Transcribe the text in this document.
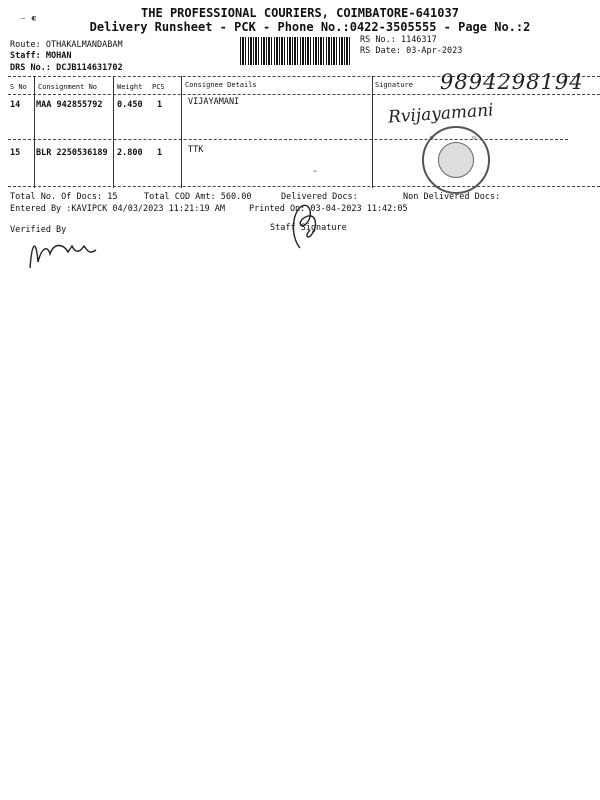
THE PROFESSIONAL COURIERS, COIMBATORE-641037
Delivery Runsheet - PCK - Phone No.:0422-3505555 - Page No.:2
⌣ ⁌
Route: OTHAKALMANDABAM
Staff: MOHAN
DRS No.: DCJB114631702
RS No.: 1146317
RS Date: 03-Apr-2023
S No Consignment No	Weight PCS	Consignee Details	Signature
14 MAA 942855792 0.450 1	VIJAYAMANI
15 BLR 2250536189 2.800 1	TTK
9894298194
Rvijayamani
-
o	o
Total No. Of Docs: 15	Total COD Amt: 560.00	Delivered Docs:	Non Delivered Docs:
Entered By :KAVIPCK 04/03/2023 11:21:19 AM	Printed On: 03-04-2023 11:42:05
Verified By	Staff Signature
